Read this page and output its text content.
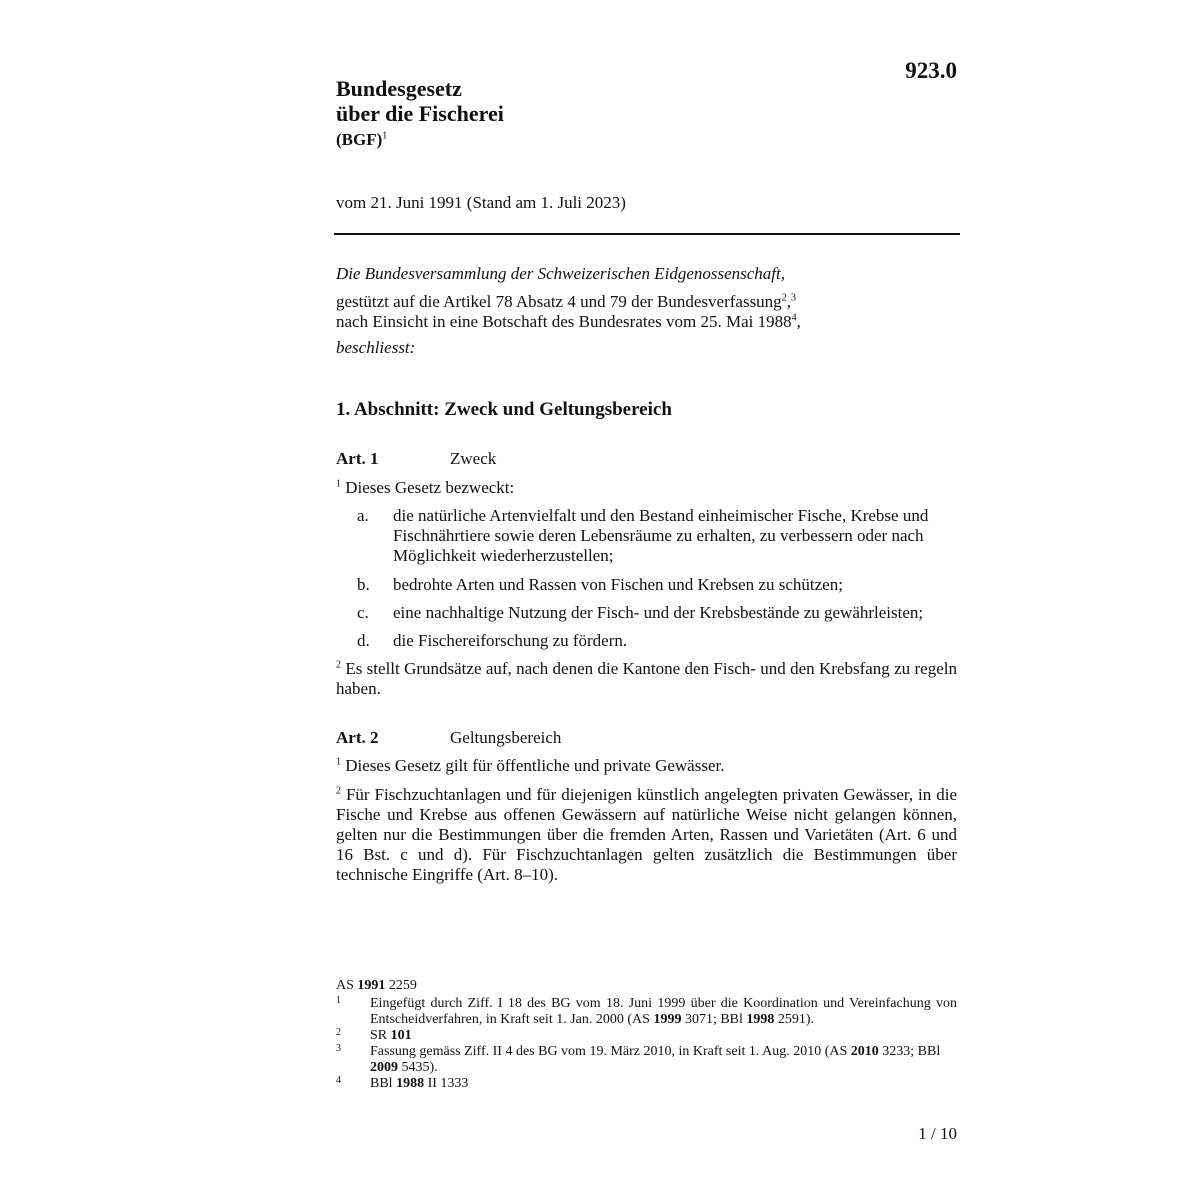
923.0
Bundesgesetz
über die Fischerei
(BGF)$^1$
vom 21. Juni 1991 (Stand am 1. Juli 2023)
Die Bundesversammlung der Schweizerischen Eidgenossenschaft,
gestützt auf die Artikel 78 Absatz 4 und 79 der Bundesverfassung$^2$,$^3$
nach Einsicht in eine Botschaft des Bundesrates vom 25. Mai 1988$^4$,
beschliesst:
1. Abschnitt: Zweck und Geltungsbereich
Art. 1	Zweck
$^1$ Dieses Gesetz bezweckt:
a.	die natürliche Artenvielfalt und den Bestand einheimischer Fische, Krebse und Fischnährtiere sowie deren Lebensräume zu erhalten, zu verbessern oder nach Möglichkeit wiederherzustellen;
b.	bedrohte Arten und Rassen von Fischen und Krebsen zu schützen;
c.	eine nachhaltige Nutzung der Fisch- und der Krebsbestände zu gewährleisten;
d.	die Fischereiforschung zu fördern.
$^2$ Es stellt Grundsätze auf, nach denen die Kantone den Fisch- und den Krebsfang zu regeln haben.
Art. 2	Geltungsbereich
$^1$ Dieses Gesetz gilt für öffentliche und private Gewässer.
$^2$ Für Fischzuchtanlagen und für diejenigen künstlich angelegten privaten Gewässer, in die Fische und Krebse aus offenen Gewässern auf natürliche Weise nicht gelangen können, gelten nur die Bestimmungen über die fremden Arten, Rassen und Varietäten (Art. 6 und 16 Bst. c und d). Für Fischzuchtanlagen gelten zusätzlich die Bestimmungen über technische Eingriffe (Art. 8–10).
AS 1991 2259
1 Eingefügt durch Ziff. I 18 des BG vom 18. Juni 1999 über die Koordination und Vereinfachung von Entscheidverfahren, in Kraft seit 1. Jan. 2000 (AS 1999 3071; BBl 1998 2591).
2 SR 101
3 Fassung gemäss Ziff. II 4 des BG vom 19. März 2010, in Kraft seit 1. Aug. 2010 (AS 2010 3233; BBl 2009 5435).
4 BBl 1988 II 1333
1 / 10
